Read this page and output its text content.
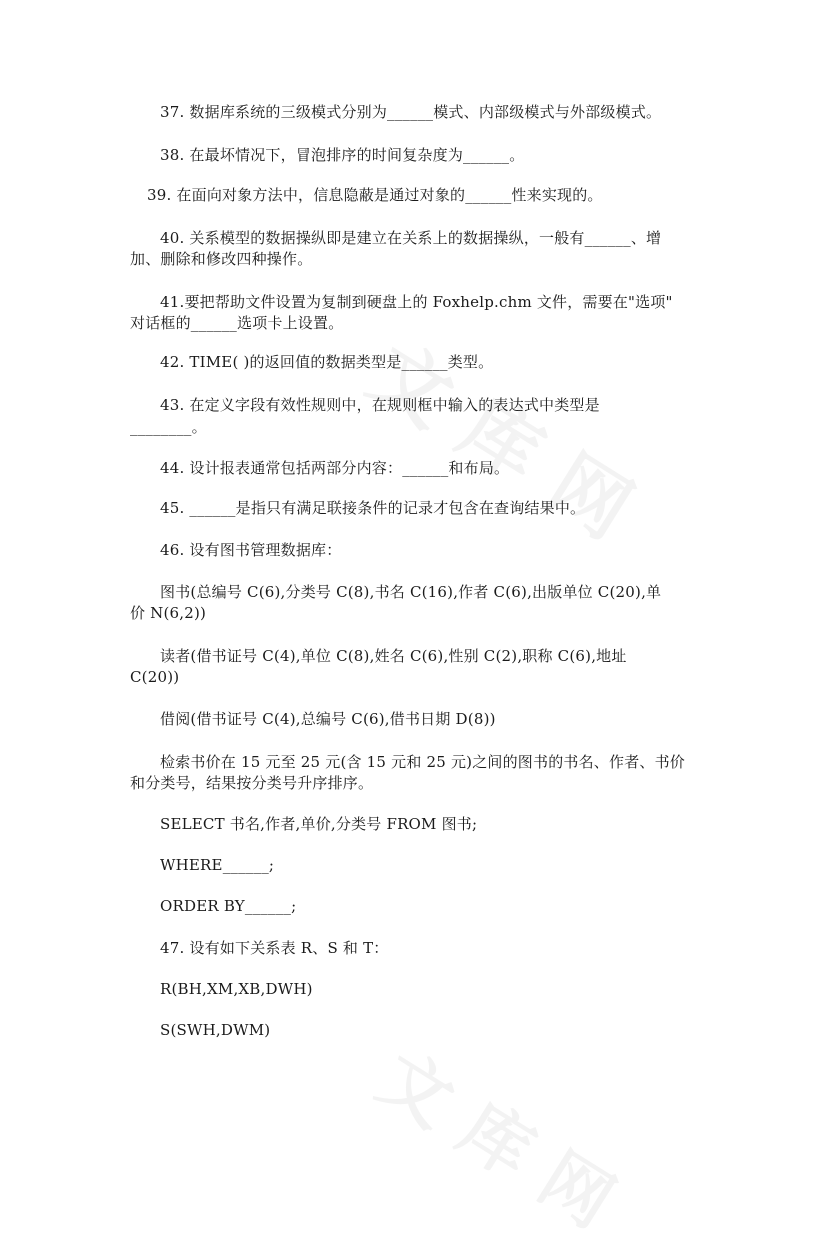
37. 数据库系统的三级模式分别为______模式、内部级模式与外部级模式。
38. 在最坏情况下，冒泡排序的时间复杂度为______。
39. 在面向对象方法中，信息隐蔽是通过对象的______性来实现的。
40. 关系模型的数据操纵即是建立在关系上的数据操纵，一般有______、增
加、删除和修改四种操作。
41.要把帮助文件设置为复制到硬盘上的 Foxhelp.chm 文件，需要在"选项"
对话框的______选项卡上设置。
42. TIME( )的返回值的数据类型是______类型。
43. 在定义字段有效性规则中，在规则框中输入的表达式中类型是
________。
44. 设计报表通常包括两部分内容：______和布局。
45. ______是指只有满足联接条件的记录才包含在查询结果中。
46. 设有图书管理数据库：
图书(总编号 C(6),分类号 C(8),书名 C(16),作者 C(6),出版单位 C(20),单
价 N(6,2))
读者(借书证号 C(4),单位 C(8),姓名 C(6),性别 C(2),职称 C(6),地址
C(20))
借阅(借书证号 C(4),总编号 C(6),借书日期 D(8))
检索书价在 15 元至 25 元(含 15 元和 25 元)之间的图书的书名、作者、书价
和分类号，结果按分类号升序排序。
SELECT 书名,作者,单价,分类号 FROM 图书;
WHERE______;
ORDER BY______;
47. 设有如下关系表 R、S 和 T：
R(BH,XM,XB,DWH)
S(SWH,DWM)
